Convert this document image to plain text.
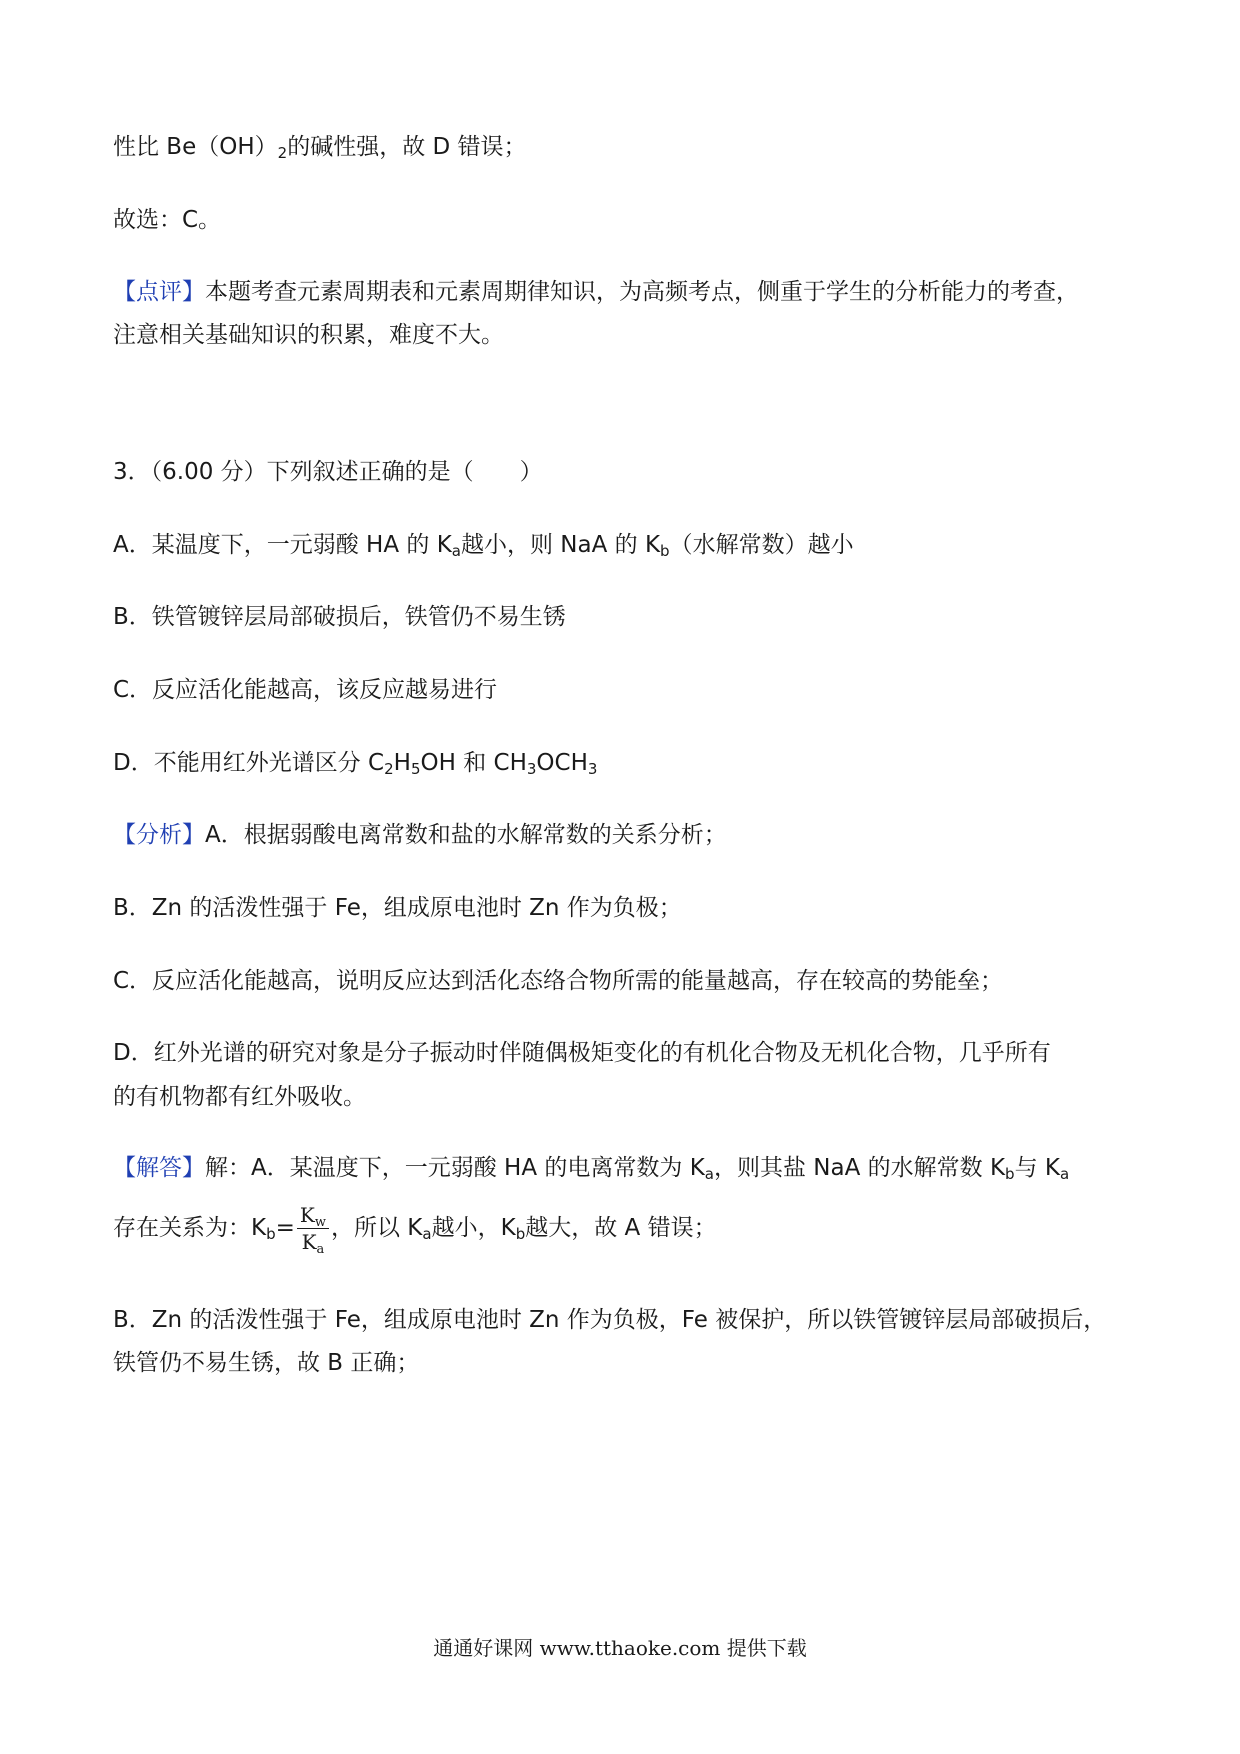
性比 $Be(OH)_2$的碱性强，故 D 错误；
故选：C。
【点评】本题考查元素周期表和元素周期律知识，为高频考点，侧重于学生的分析能力的考查，
注意相关基础知识的积累，难度不大。
3．（6.00 分）下列叙述正确的是（　　）
A．某温度下，一元弱酸 HA 的 $K_a$越小，则 NaA 的 $K_b$（水解常数）越小
B．铁管镀锌层局部破损后，铁管仍不易生锈
C．反应活化能越高，该反应越易进行
D．不能用红外光谱区分 $C_2H_5OH$ 和 $CH_3OCH_3$
【分析】A．根据弱酸电离常数和盐的水解常数的关系分析；
B．Zn 的活泼性强于 Fe，组成原电池时 Zn 作为负极；
C．反应活化能越高，说明反应达到活化态络合物所需的能量越高，存在较高的势能垒；
D．红外光谱的研究对象是分子振动时伴随偶极矩变化的有机化合物及无机化合物，几乎所有
的有机物都有红外吸收。
【解答】解：A．某温度下，一元弱酸 HA 的电离常数为 $K_a$，则其盐 NaA 的水解常数 $K_b$与 $K_a$
存在关系为：$K_b= \frac{K_w}{K_a}$ ，所以 $K_a$越小，$K_b$越大，故 A 错误；
B．Zn 的活泼性强于 Fe，组成原电池时 Zn 作为负极，Fe 被保护，所以铁管镀锌层局部破损后，
铁管仍不易生锈，故 B 正确；
通通好课网 www.tthaoke.com 提供下载
